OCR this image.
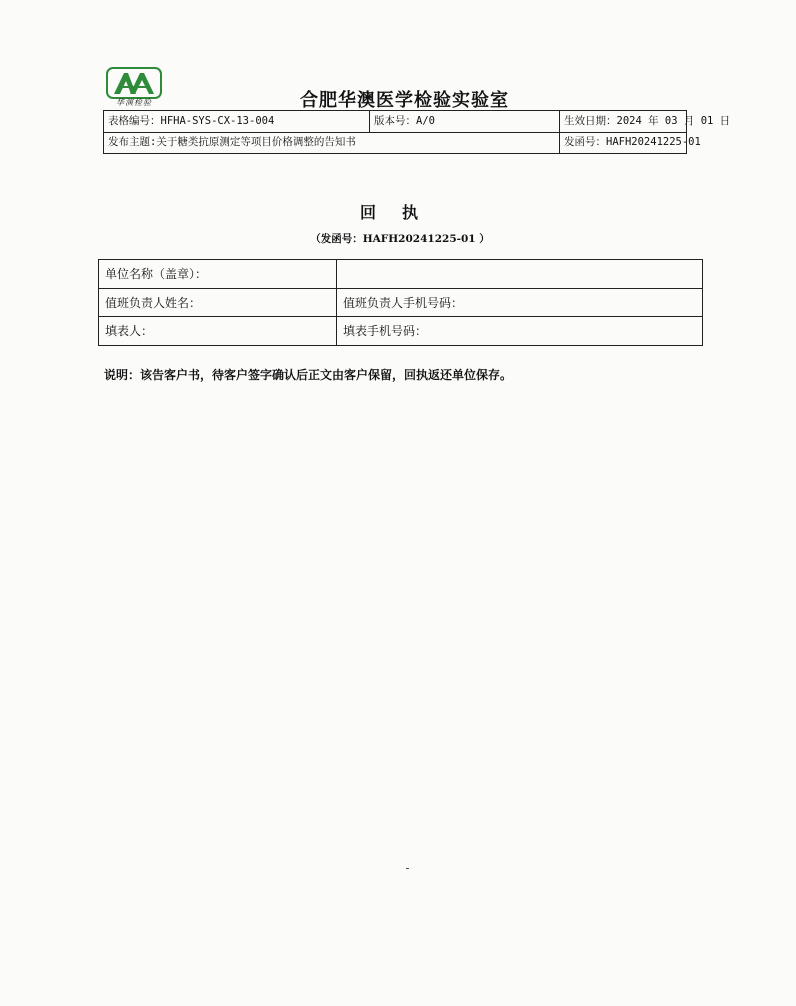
华演检验	合肥华澳医学检验实验室
表格编号：HFHA-SYS-CX-13-004	版本号：A/0	生效日期：2024 年 03 月 01 日
发布主题:关于糖类抗原测定等项目价格调整的告知书	发函号：HAFH20241225-01
回执
（发函号：HAFH20241225-01 ）
单位名称（盖章）：
值班负责人姓名：	值班负责人手机号码：
填表人：	填表手机号码：
说明：该告客户书，待客户签字确认后正文由客户保留，回执返还单位保存。
